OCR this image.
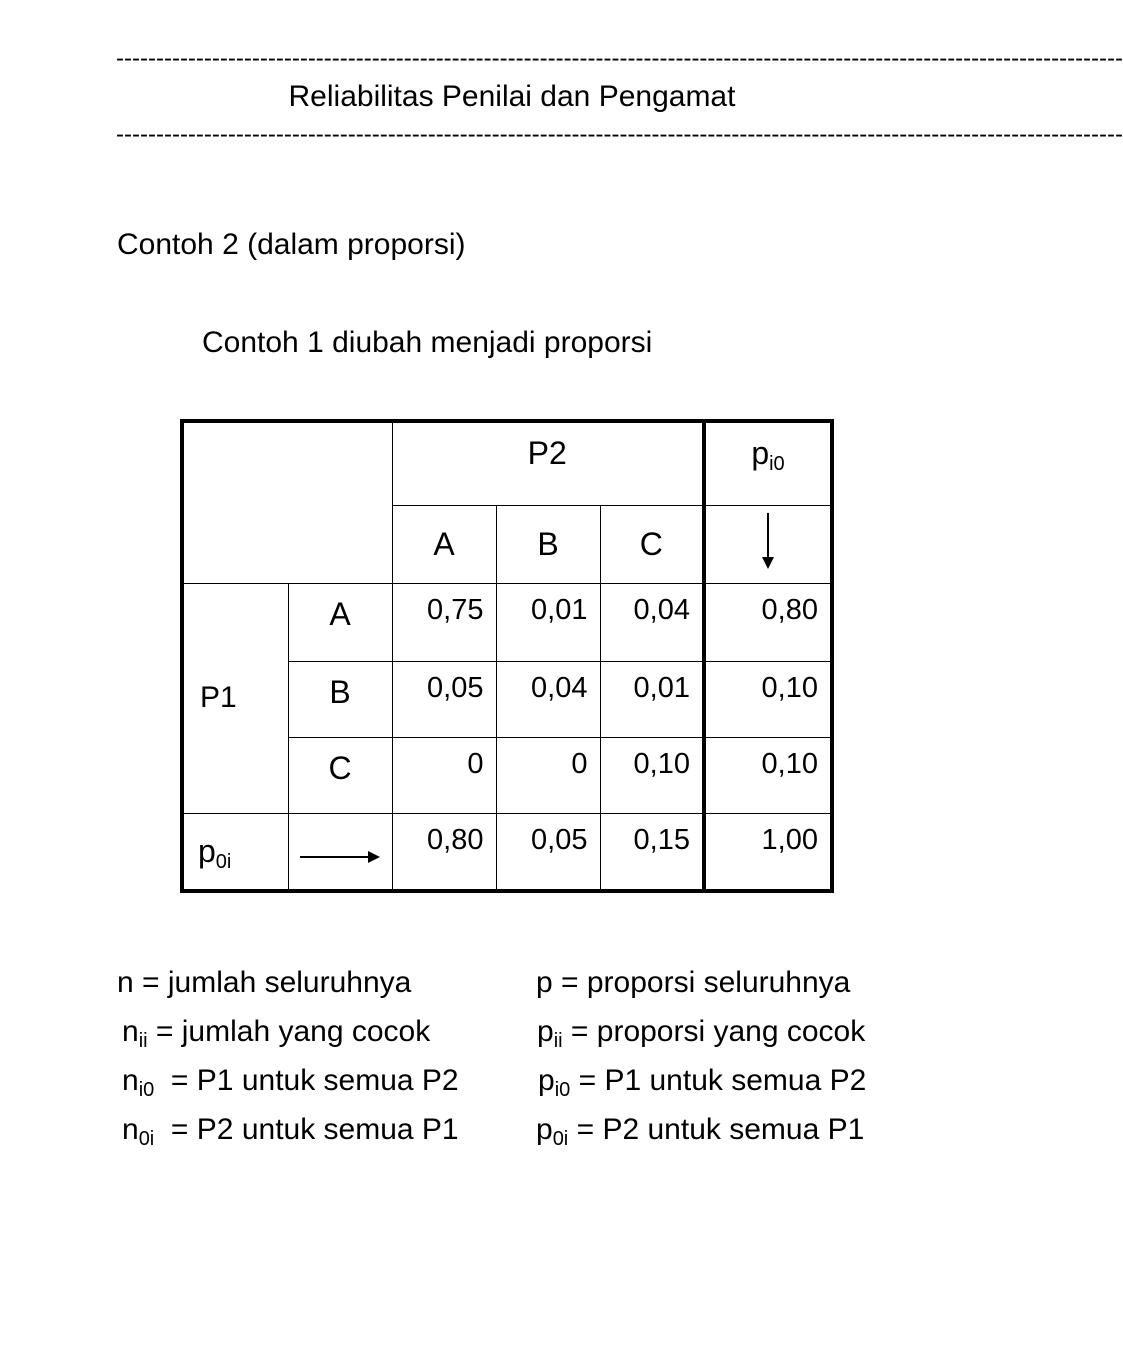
------------------------------------------------------------------------------------------------------------------------------
Reliabilitas Penilai dan Pengamat
------------------------------------------------------------------------------------------------------------------------------
Contoh 2 (dalam proporsi)
Contoh 1 diubah menjadi proporsi
		P2			$p_{i0}$
		A	B	C	
P1	A	0,75	0,01	0,04	0,80
	B	0,05	0,04	0,01	0,10
	C	0	0	0,10	0,10
$p_{0i}$		0,80	0,05	0,15	1,00
n = jumlah seluruhnya	p = proporsi seluruhnya
$n_{ii}$ = jumlah yang cocok	$p_{ii}$ = proporsi yang cocok
$n_{i0} = P1$ untuk semua P2	$p_{i0} = P1$ untuk semua P2
$n_{0i} = P2$ untuk semua P1	$p_{0i} = P2$ untuk semua P1
